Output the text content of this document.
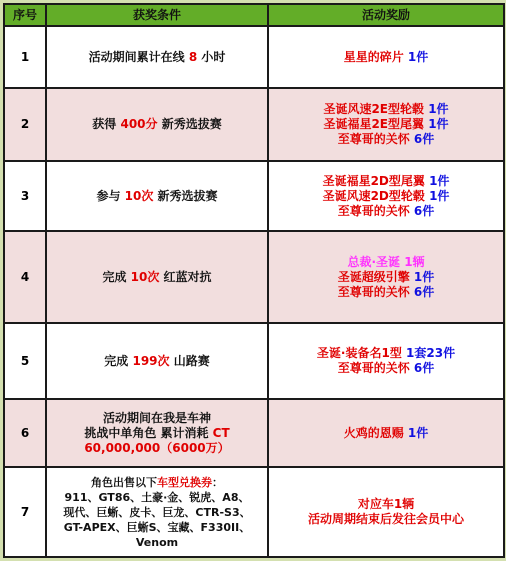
序号	获奖条件	活动奖励
1	活动期间累计在线 8 小时	星星的碎片 1件
2	获得 400分 新秀选拔赛	圣诞风速2E型轮毂 1件
圣诞福星2E型尾翼 1件
至尊哥的关怀 6件

3	参与 10次 新秀选拔赛	圣诞福星2D型尾翼 1件
圣诞风速2D型轮毂 1件
至尊哥的关怀 6件

4	完成 10次 红蓝对抗	总裁·圣诞 1辆
圣诞超级引擎 1件
至尊哥的关怀 6件

5	完成 199次 山路赛	圣诞·装备名1型 1套23件
至尊哥的关怀 6件

6	活动期间在我是车神
挑战中单角色 累计消耗 CT
60,000,000（6000万）	火鸡的恩赐 1件
7	角色出售以下车型兑换券：
911、GT86、土豪·金、锐虎、A8、
现代、巨蜥、皮卡、巨龙、CTR-S3、
GT-APEX、巨蜥S、宝藏、F330II、
Venom	对应车1辆
活动周期结束后发往会员中心
